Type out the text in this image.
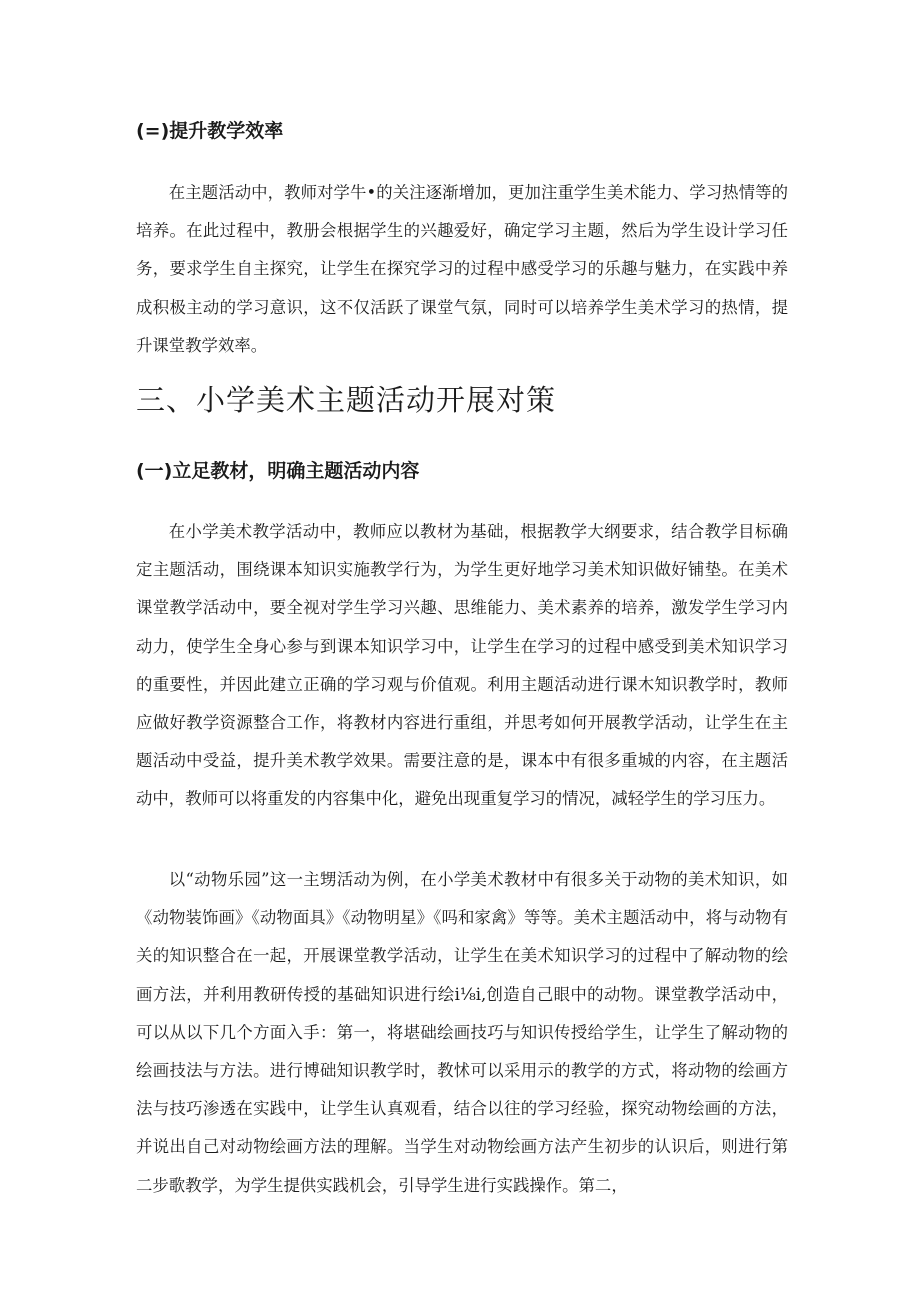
(=)提升教学效率

在主题活动中，教师对学牛•的关注逐渐增加，更加注重学生美术能力、学习热情等的培养。在此过程中，教册会根据学生的兴趣爱好，确定学习主题，然后为学生设计学习任务，要求学生自主探究，让学生在探究学习的过程中感受学习的乐趣与魅力，在实践中养成积极主动的学习意识，这不仅活跃了课堂气氛，同时可以培养学生美术学习的热情，提升课堂教学效率。

三、小学美术主题活动开展对策
(一)立足教材，明确主题活动内容

在小学美术教学活动中，教师应以教材为基础，根据教学大纲要求，结合教学目标确定主题活动，围绕课本知识实施教学行为，为学生更好地学习美术知识做好铺垫。在美术课堂教学活动中，要全视对学生学习兴趣、思维能力、美术素养的培养，激发学生学习内动力，使学生全身心参与到课本知识学习中，让学生在学习的过程中感受到美术知识学习的重要性，并因此建立正确的学习观与价值观。利用主题活动进行课木知识教学时，教师应做好教学资源整合工作，将教材内容进行重组，并思考如何开展教学活动，让学生在主题活动中受益，提升美术教学效果。需要注意的是，课本中有很多重城的内容，在主题活动中，教师可以将重发的内容集中化，避免出现重复学习的情况，减轻学生的学习压力。

以“动物乐园”这一主甥活动为例，在小学美术教材中有很多关于动物的美术知识，如《动物装饰画》《动物面具》《动物明星》《吗和家禽》等等。美术主题活动中，将与动物有关的知识整合在一起，开展课堂教学活动，让学生在美术知识学习的过程中了解动物的绘画方法，并利用教研传授的基础知识进行绘i⅛i,创造自己眼中的动物。课堂教学活动中，可以从以下几个方面入手：第一，将堪础绘画技巧与知识传授给学生，让学生了解动物的绘画技法与方法。进行博础知识教学时，教怵可以采用示的教学的方式，将动物的绘画方法与技巧渗透在实践中，让学生认真观看，结合以往的学习经验，探究动物绘画的方法，并说出自己对动物绘画方法的理解。当学生对动物绘画方法产生初步的认识后，则进行第二步歌教学，为学生提供实践机会，引导学生进行实践操作。第二，
